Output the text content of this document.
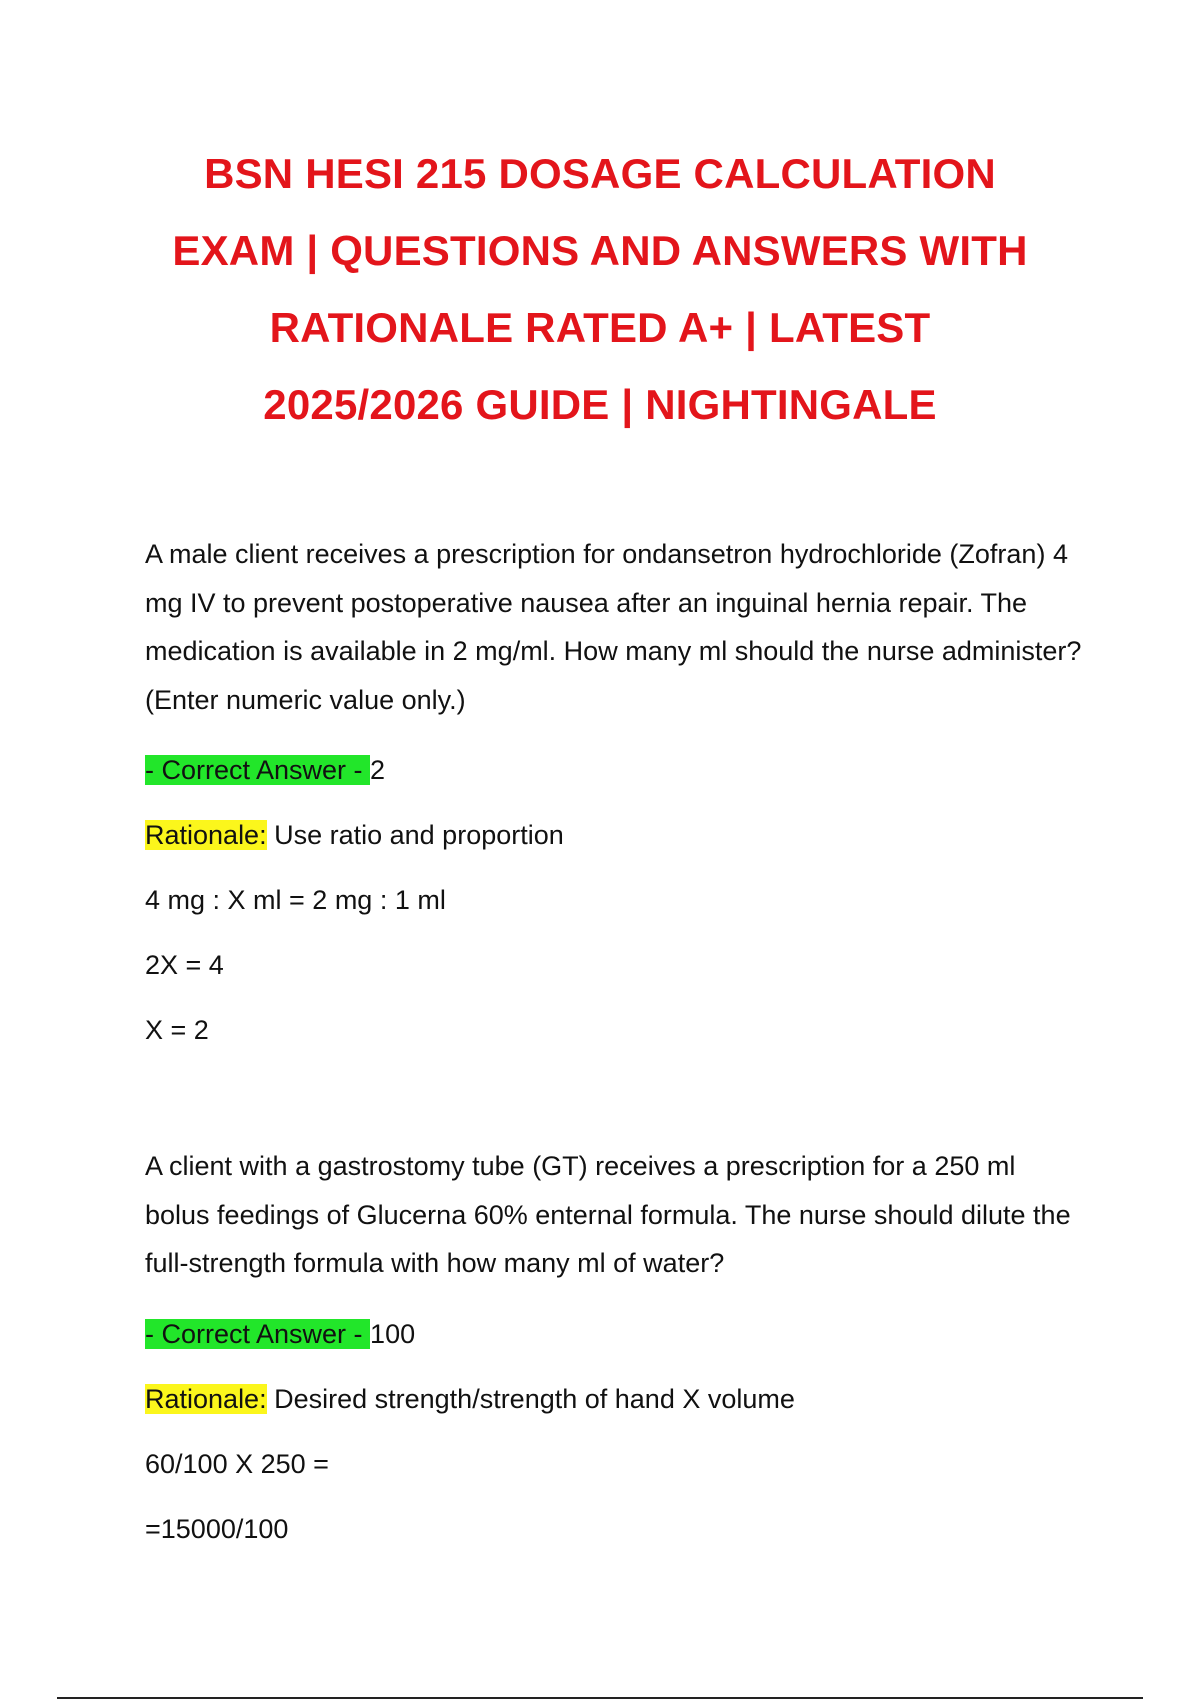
BSN HESI 215 DOSAGE CALCULATION
EXAM | QUESTIONS AND ANSWERS WITH
RATIONALE RATED A+ | LATEST
2025/2026 GUIDE | NIGHTINGALE

A male client receives a prescription for ondansetron hydrochloride (Zofran) 4 mg IV to prevent postoperative nausea after an inguinal hernia repair. The medication is available in 2 mg/ml. How many ml should the nurse administer? (Enter numeric value only.)

- Correct Answer - 2

Rationale: Use ratio and proportion

4 mg : X ml = 2 mg : 1 ml

2X = 4

X = 2

A client with a gastrostomy tube (GT) receives a prescription for a 250 ml bolus feedings of Glucerna 60% enternal formula. The nurse should dilute the full-strength formula with how many ml of water?

- Correct Answer - 100

Rationale: Desired strength/strength of hand X volume

60/100 X 250 =

=15000/100
